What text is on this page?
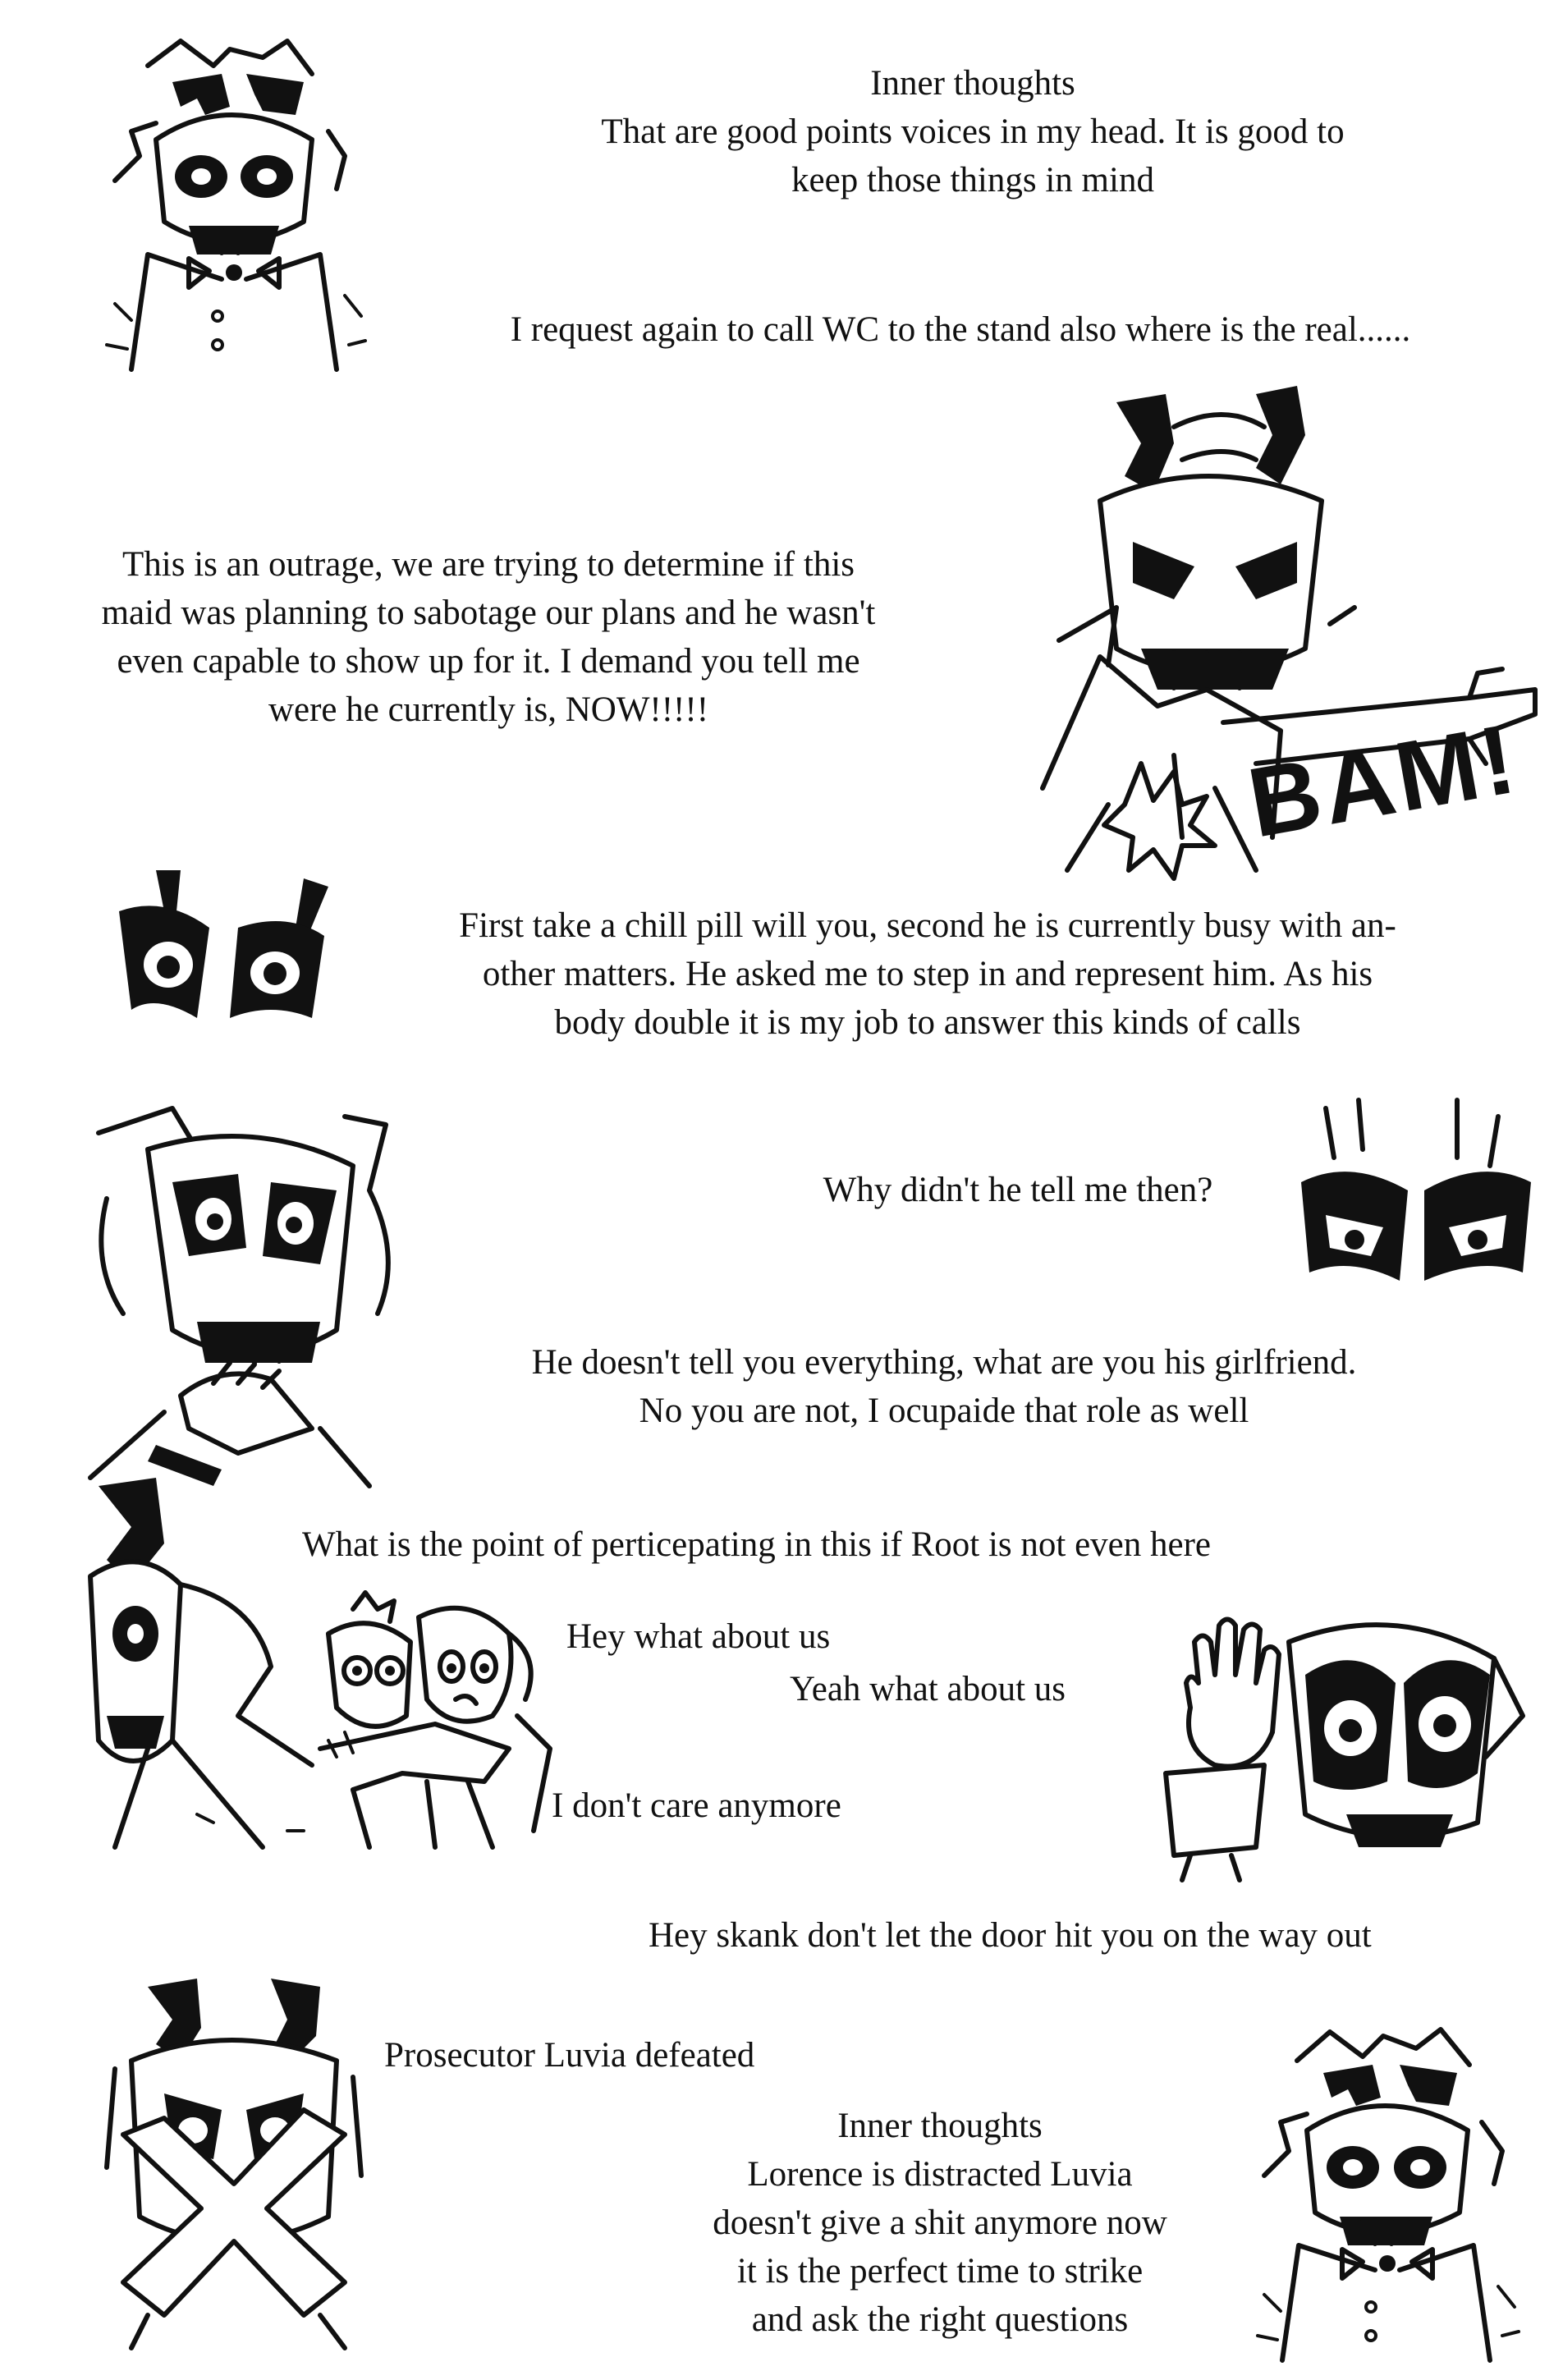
Inner thoughts
That are good points voices in my head. It is good to
keep those things in mind
I request again to call WC to the stand also where is the real......
This is an outrage, we are trying to determine if this
maid was planning to sabotage our plans and he wasn't
even capable to show up for it. I demand you tell me
were he currently is, NOW!!!!!
First take a chill pill will you, second he is currently busy with an-
other matters. He asked me to step in and represent him. As his
body double it is my job to answer this kinds of calls
Why didn't he tell me then?
He doesn't tell you everything, what are you his girlfriend.
No you are not, I ocupaide that role as well
What is the point of perticepating in this if Root is not even here
Hey what about us
Yeah what about us
I don't care anymore
Hey skank don't let the door hit you on the way out
Prosecutor Luvia defeated
Inner thoughts
Lorence is distracted Luvia
doesn't give a shit anymore now
it is the perfect time to strike
and ask the right questions
BAM!
